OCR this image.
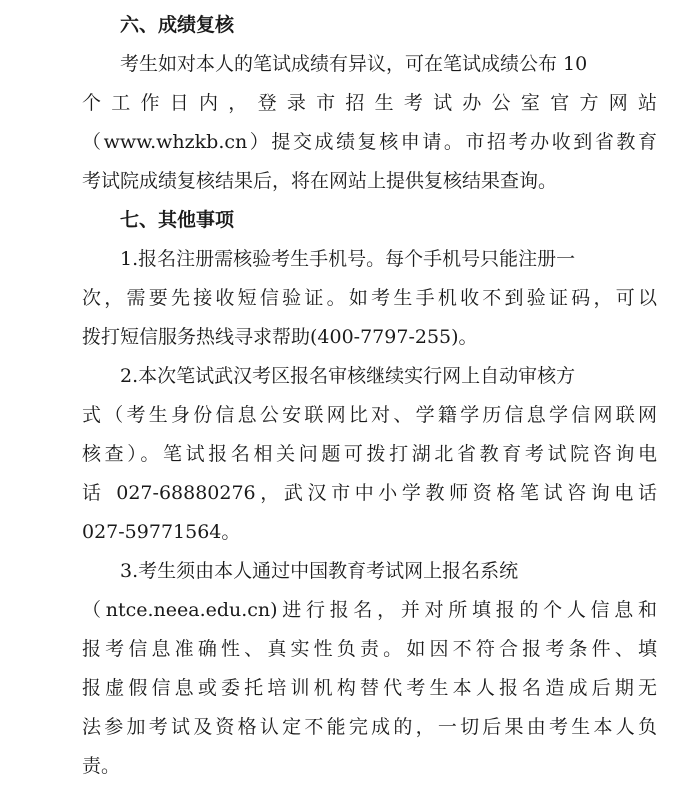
六、成绩复核
考生如对本人的笔试成绩有异议，可在笔试成绩公布 10
个 工 作 日 内 ， 登 录 市 招 生 考 试 办 公 室 官 方 网 站
（www.whzkb.cn）提交成绩复核申请。市招考办收到省教育
考试院成绩复核结果后，将在网站上提供复核结果查询。
七、其他事项
1.报名注册需核验考生手机号。每个手机号只能注册一
次，需要先接收短信验证。如考生手机收不到验证码，可以
拨打短信服务热线寻求帮助(400-7797-255)。
2.本次笔试武汉考区报名审核继续实行网上自动审核方
式（考生身份信息公安联网比对、学籍学历信息学信网联网
核查）。笔试报名相关问题可拨打湖北省教育考试院咨询电
话 027-68880276，武汉市中小学教师资格笔试咨询电话
027-59771564。
3.考生须由本人通过中国教育考试网上报名系统
（ntce.neea.edu.cn)进行报名，并对所填报的个人信息和
报考信息准确性、真实性负责。如因不符合报考条件、填
报虚假信息或委托培训机构替代考生本人报名造成后期无
法参加考试及资格认定不能完成的，一切后果由考生本人负
责。
